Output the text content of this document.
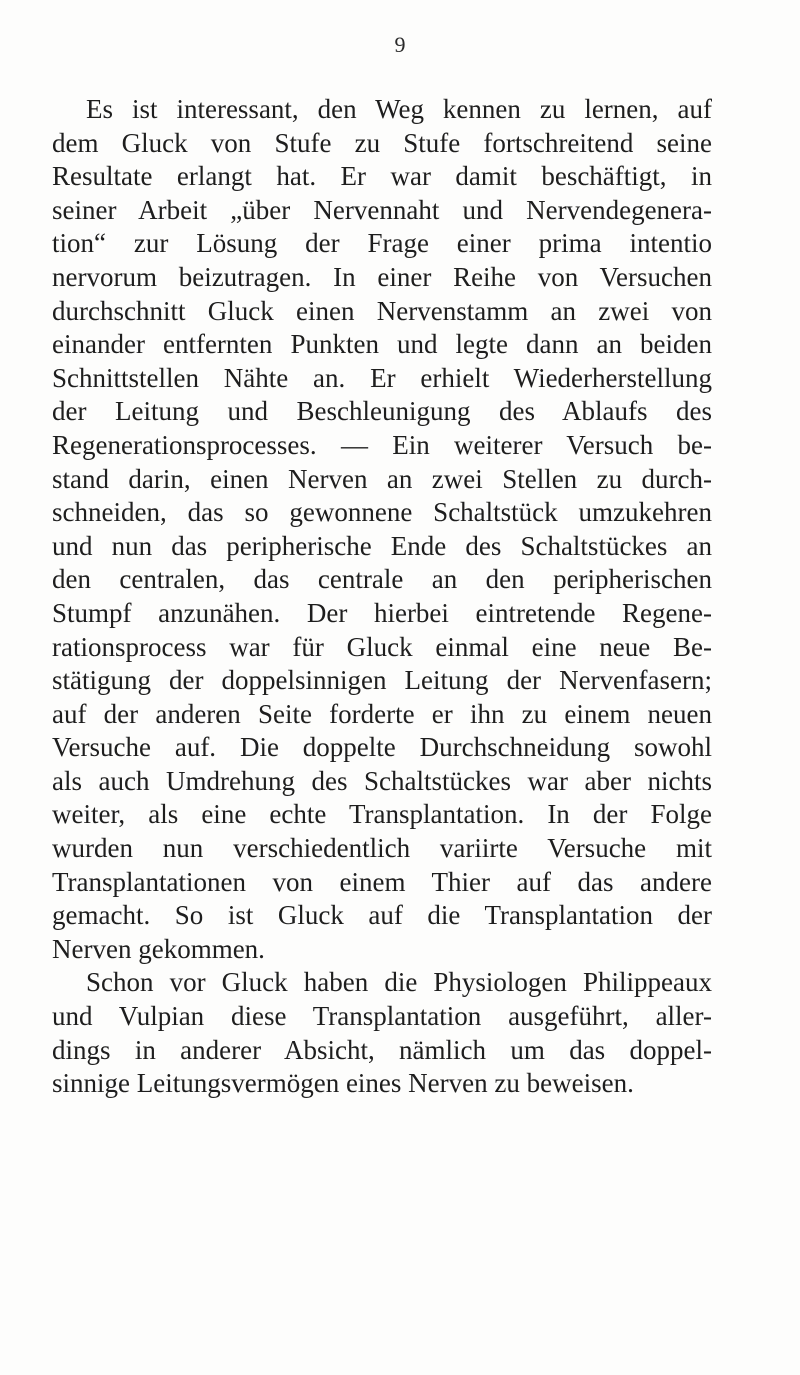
9
Es ist interessant, den Weg kennen zu lernen, auf
dem Gluck von Stufe zu Stufe fortschreitend seine
Resultate erlangt hat. Er war damit beschäftigt, in
seiner Arbeit „über Nervennaht und Nervendegenera-
tion“ zur Lösung der Frage einer prima intentio
nervorum beizutragen. In einer Reihe von Versuchen
durchschnitt Gluck einen Nervenstamm an zwei von
einander entfernten Punkten und legte dann an beiden
Schnittstellen Nähte an. Er erhielt Wiederherstellung
der Leitung und Beschleunigung des Ablaufs des
Regenerationsprocesses. — Ein weiterer Versuch be-
stand darin, einen Nerven an zwei Stellen zu durch-
schneiden, das so gewonnene Schaltstück umzukehren
und nun das peripherische Ende des Schaltstückes an
den centralen, das centrale an den peripherischen
Stumpf anzunähen. Der hierbei eintretende Regene-
rationsprocess war für Gluck einmal eine neue Be-
stätigung der doppelsinnigen Leitung der Nervenfasern;
auf der anderen Seite forderte er ihn zu einem neuen
Versuche auf. Die doppelte Durchschneidung sowohl
als auch Umdrehung des Schaltstückes war aber nichts
weiter, als eine echte Transplantation. In der Folge
wurden nun verschiedentlich variirte Versuche mit
Transplantationen von einem Thier auf das andere
gemacht. So ist Gluck auf die Transplantation der
Nerven gekommen.
Schon vor Gluck haben die Physiologen Philippeaux
und Vulpian diese Transplantation ausgeführt, aller-
dings in anderer Absicht, nämlich um das doppel-
sinnige Leitungsvermögen eines Nerven zu beweisen.
